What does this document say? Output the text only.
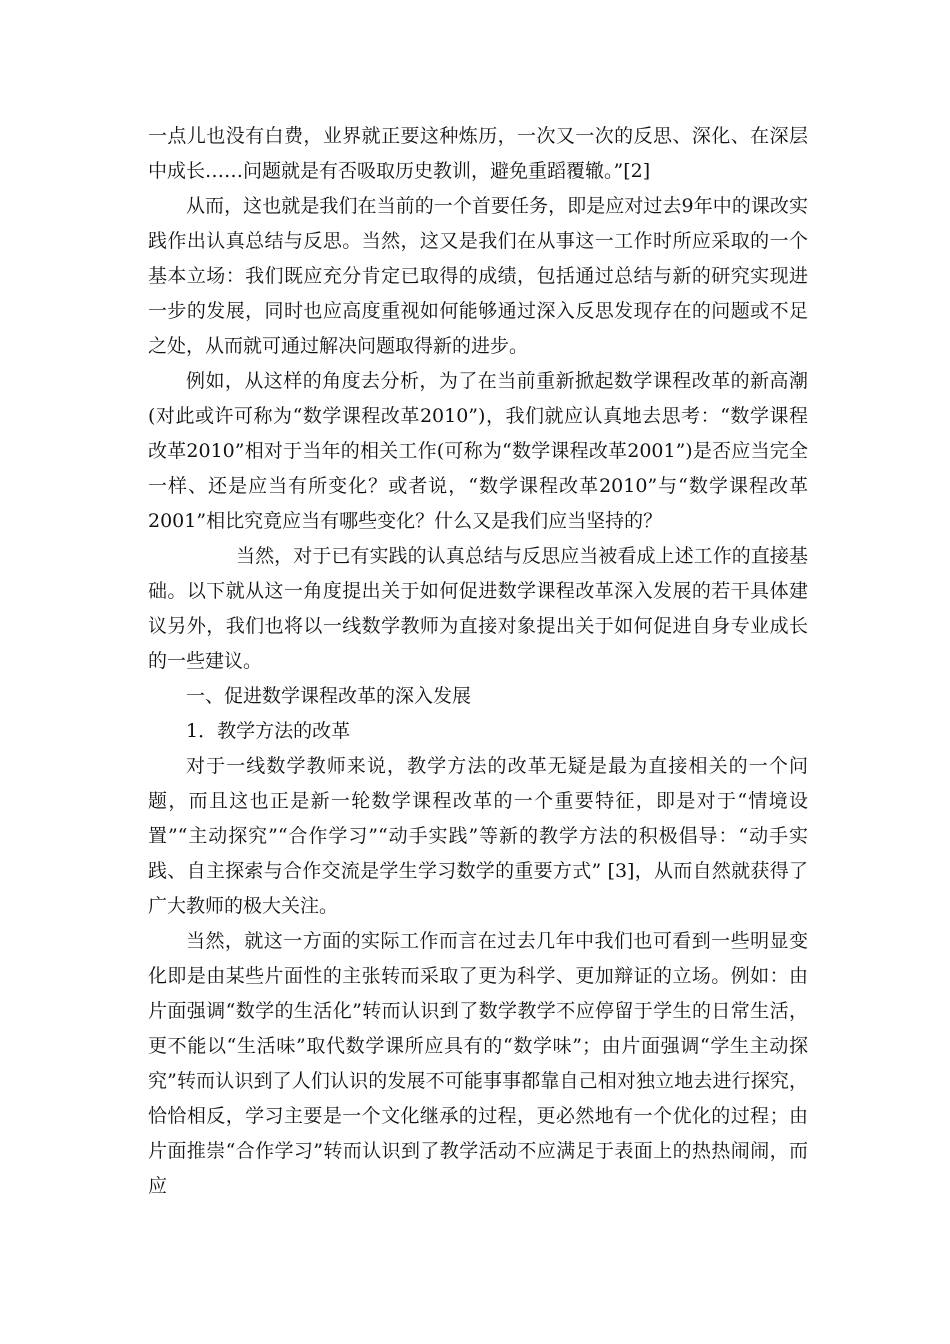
一点儿也没有白费，业界就正要这种炼历，一次又一次的反思、深化、在深层中成长……问题就是有否吸取历史教训，避免重蹈覆辙。”[2]

从而，这也就是我们在当前的一个首要任务，即是应对过去9年中的课改实践作出认真总结与反思。当然，这又是我们在从事这一工作时所应采取的一个基本立场：我们既应充分肯定已取得的成绩，包括通过总结与新的研究实现进一步的发展，同时也应高度重视如何能够通过深入反思发现存在的问题或不足之处，从而就可通过解决问题取得新的进步。

例如，从这样的角度去分析，为了在当前重新掀起数学课程改革的新高潮(对此或许可称为“数学课程改革2010”)，我们就应认真地去思考：“数学课程改革2010”相对于当年的相关工作(可称为“数学课程改革2001”)是否应当完全一样、还是应当有所变化？或者说，“数学课程改革2010”与“数学课程改革2001”相比究竟应当有哪些变化？什么又是我们应当坚持的？

当然，对于已有实践的认真总结与反思应当被看成上述工作的直接基础。以下就从这一角度提出关于如何促进数学课程改革深入发展的若干具体建议另外，我们也将以一线数学教师为直接对象提出关于如何促进自身专业成长的一些建议。

一、促进数学课程改革的深入发展

1．教学方法的改革

对于一线数学教师来说，教学方法的改革无疑是最为直接相关的一个问题，而且这也正是新一轮数学课程改革的一个重要特征，即是对于“情境设置”“主动探究”“合作学习”“动手实践”等新的教学方法的积极倡导：“动手实践、自主探索与合作交流是学生学习数学的重要方式” [3]，从而自然就获得了广大教师的极大关注。

当然，就这一方面的实际工作而言在过去几年中我们也可看到一些明显变化即是由某些片面性的主张转而采取了更为科学、更加辩证的立场。例如：由片面强调“数学的生活化”转而认识到了数学教学不应停留于学生的日常生活，更不能以“生活味”取代数学课所应具有的“数学味”；由片面强调“学生主动探究”转而认识到了人们认识的发展不可能事事都靠自己相对独立地去进行探究，恰恰相反，学习主要是一个文化继承的过程，更必然地有一个优化的过程；由片面推崇“合作学习”转而认识到了教学活动不应满足于表面上的热热闹闹，而应
